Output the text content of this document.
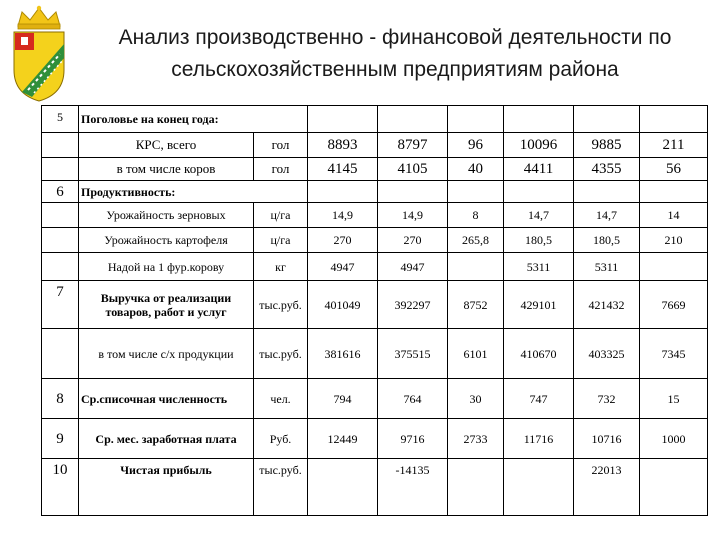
Анализ производственно - финансовой деятельности по
сельскохозяйственным предприятиям района
5	Поголовье на конец года:							
	КРС, всего	гол	8893	8797	96	10096	9885	211
	в том числе коров	гол	4145	4105	40	4411	4355	56
6	Продуктивность:							
	Урожайность зерновых	ц/га	14,9	14,9	8	14,7	14,7	14
	Урожайность картофеля	ц/га	270	270	265,8	180,5	180,5	210
	Надой на 1 фур.корову	кг	4947	4947		5311	5311	
7	Выручка от реализации товаров, работ и услуг	тыс.руб.	401049	392297	8752	429101	421432	7669
	в том числе с/х продукции	тыс.руб.	381616	375515	6101	410670	403325	7345
8	Ср.списочная численность	чел.	794	764	30	747	732	15
9	Ср. мес. заработная плата	Руб.	12449	9716	2733	11716	10716	1000
10	Чистая прибыль	тыс.руб.		-14135			22013	
